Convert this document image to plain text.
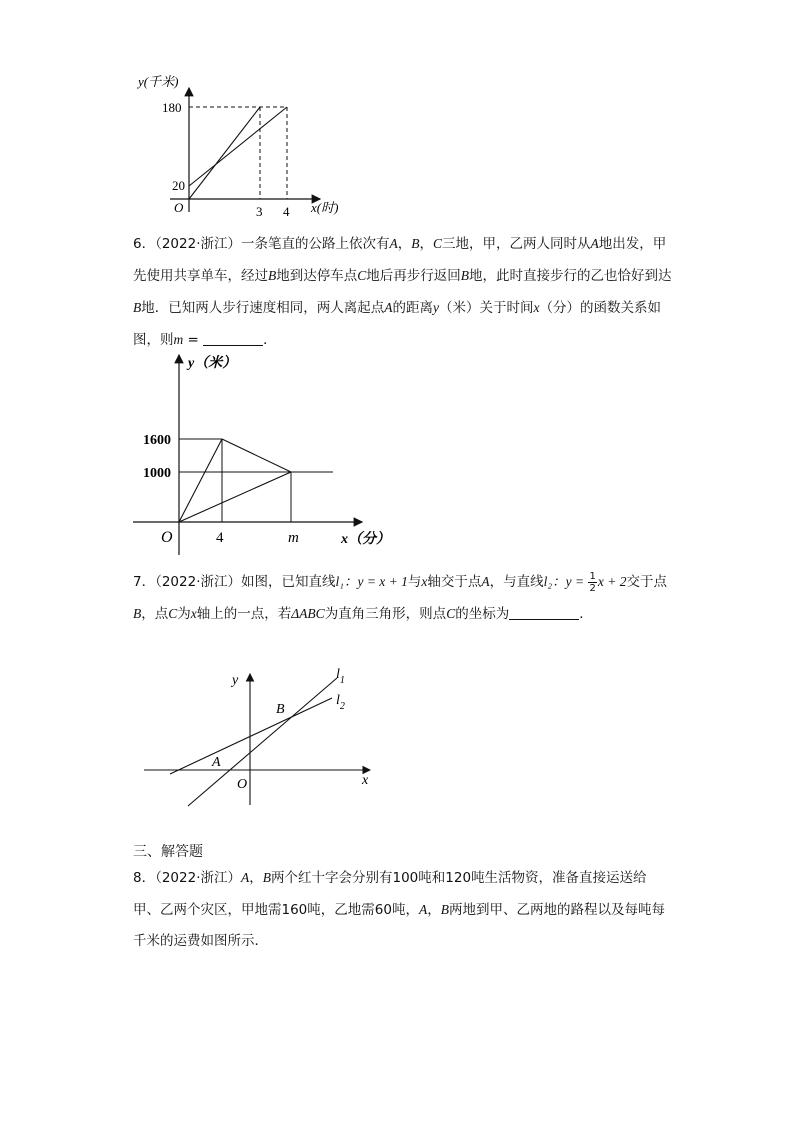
y(千米)
180
20
O	3 4 x(时)
6．（2022·浙江）一条笔直的公路上依次有A，B，C三地，甲，乙两人同时从A地出发，甲先使用共享单车，经过B地到达停车点C地后再步行返回B地，此时直接步行的乙也恰好到达B地．已知两人步行速度相同，两人离起点A的距离y（米）关于时间x（分）的函数关系如图，则m =	．
y（米）
1600
1000
O	4	m	x（分）
7．（2022·浙江）如图，已知直线l₁：y = x + 1与x轴交于点A，与直线l₂：$y = \frac{1}{2}$ x + 2交于点B，点C为x轴上的一点，若ΔABC为直角三角形，则点C的坐标为	．
y
x
O
A
B
$l_1$
$l_2$
三、解答题
8．（2022·浙江）A，B两个红十字会分别有100吨和120吨生活物资，准备直接运送给甲、乙两个灾区，甲地需160吨，乙地需60吨，A，B两地到甲、乙两地的路程以及每吨每千米的运费如图所示．
